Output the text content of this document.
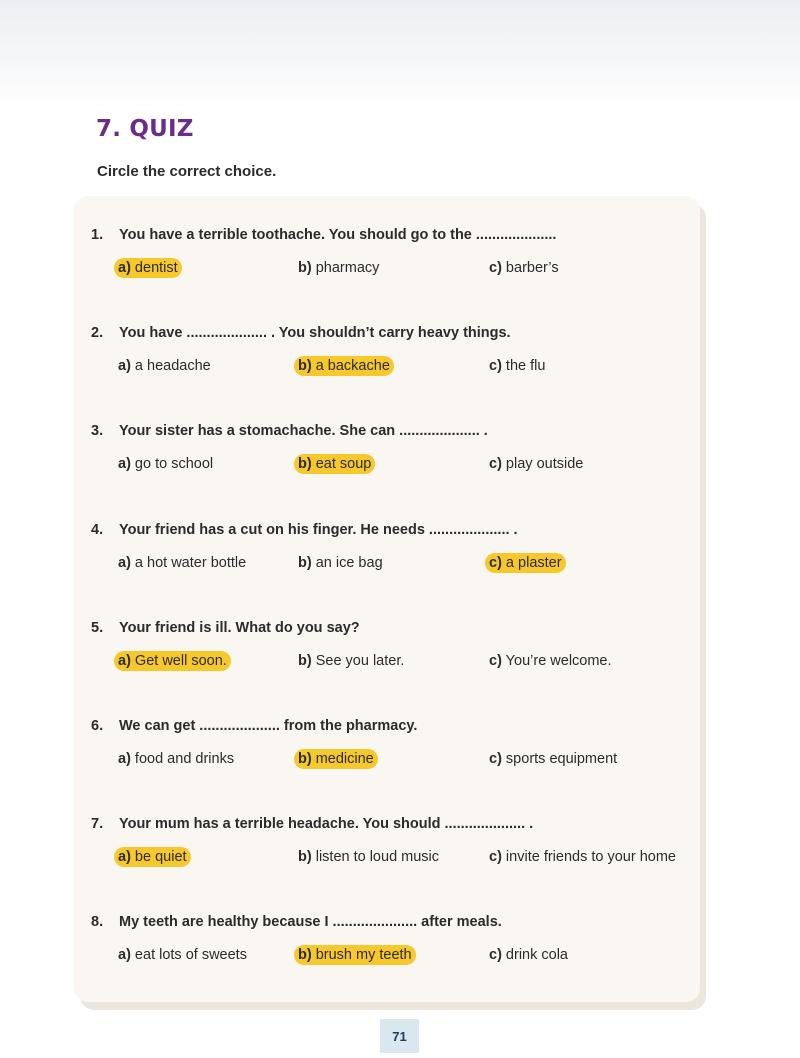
7. QUIZ
Circle the correct choice.
1. You have a terrible toothache. You should go to the ....................
a) dentist	b) pharmacy	c) barber’s
2. You have .................... . You shouldn’t carry heavy things.
a) a headache	b) a backache	c) the flu
3. Your sister has a stomachache. She can .................... .
a) go to school	b) eat soup	c) play outside
4. Your friend has a cut on his finger. He needs .................... .
a) a hot water bottle	b) an ice bag	c) a plaster
5. Your friend is ill. What do you say?
a) Get well soon.	b) See you later.	c) You’re welcome.
6. We can get .................... from the pharmacy.
a) food and drinks	b) medicine	c) sports equipment
7. Your mum has a terrible headache. You should .................... .
a) be quiet	b) listen to loud music	c) invite friends to your home
8. My teeth are healthy because I ..................... after meals.
a) eat lots of sweets	b) brush my teeth	c) drink cola
71
